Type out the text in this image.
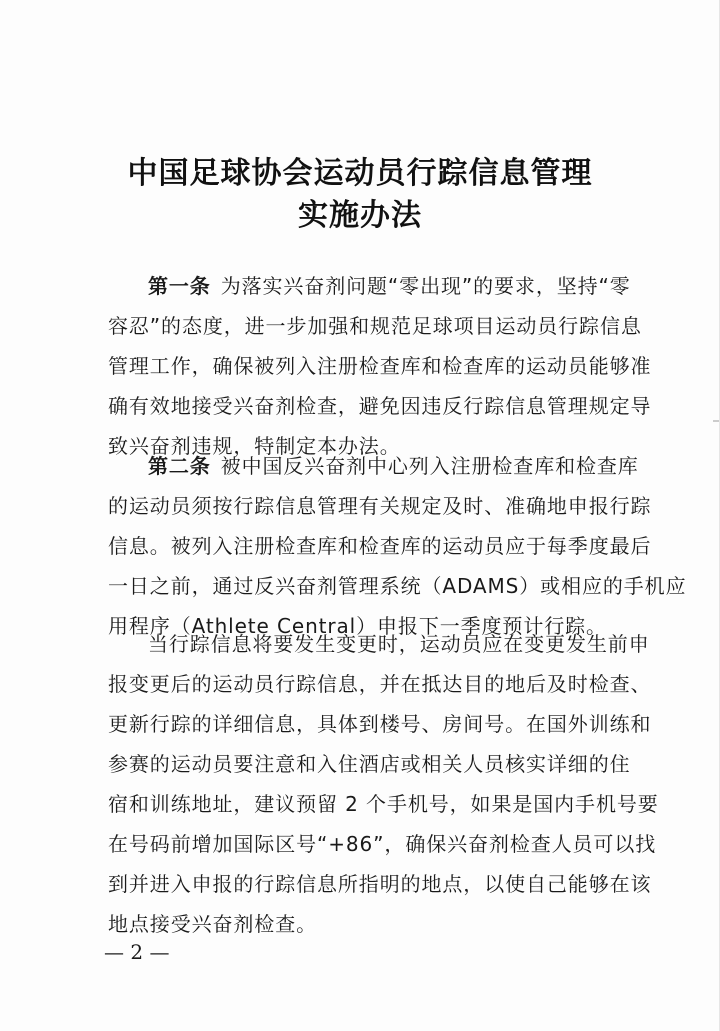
中国足球协会运动员行踪信息管理
实施办法

第一条 为落实兴奋剂问题“零出现”的要求，坚持“零

容忍”的态度，进一步加强和规范足球项目运动员行踪信息

管理工作，确保被列入注册检查库和检查库的运动员能够准

确有效地接受兴奋剂检查，避免因违反行踪信息管理规定导

致兴奋剂违规，特制定本办法。

第二条 被中国反兴奋剂中心列入注册检查库和检查库

的运动员须按行踪信息管理有关规定及时、准确地申报行踪

信息。被列入注册检查库和检查库的运动员应于每季度最后

一日之前，通过反兴奋剂管理系统（ADAMS）或相应的手机应

用程序（Athlete Central）申报下一季度预计行踪。

当行踪信息将要发生变更时，运动员应在变更发生前申

报变更后的运动员行踪信息，并在抵达目的地后及时检查、

更新行踪的详细信息，具体到楼号、房间号。在国外训练和

参赛的运动员要注意和入住酒店或相关人员核实详细的住

宿和训练地址，建议预留 2 个手机号，如果是国内手机号要

在号码前增加国际区号“+86”，确保兴奋剂检查人员可以找

到并进入申报的行踪信息所指明的地点，以使自己能够在该

地点接受兴奋剂检查。

— 2 —
